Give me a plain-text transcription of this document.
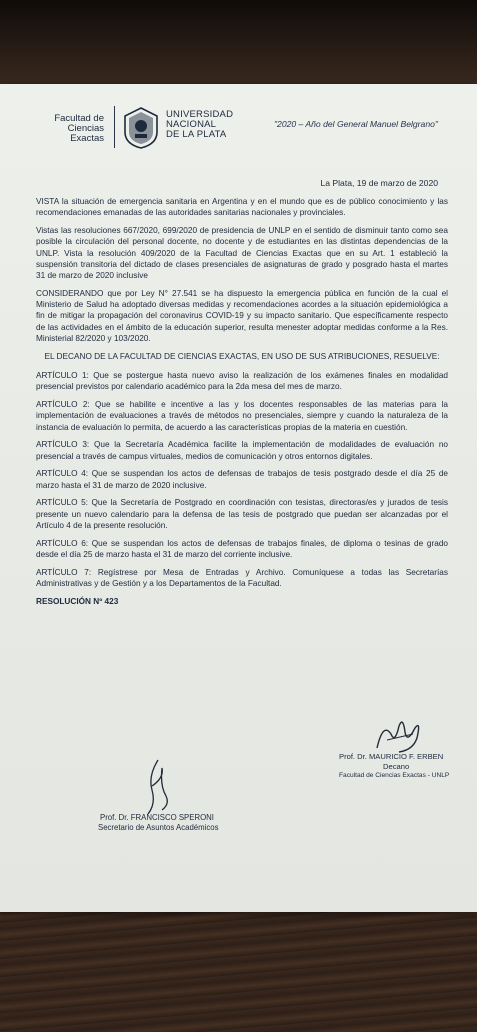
Facultad de
Ciencias Exactas
UNIVERSIDAD
NACIONAL
DE LA PLATA
"2020 – Año del General Manuel Belgrano"
La Plata, 19 de marzo de 2020

VISTA la situación de emergencia sanitaria en Argentina y en el mundo que es de público conocimiento y las recomendaciones emanadas de las autoridades sanitarias nacionales y provinciales.

Vistas las resoluciones 667/2020, 699/2020 de presidencia de UNLP en el sentido de disminuir tanto como sea posible la circulación del personal docente, no docente y de estudiantes en las distintas dependencias de la UNLP. Vista la resolución 409/2020 de la Facultad de Ciencias Exactas que en su Art. 1 estableció la suspensión transitoria del dictado de clases presenciales de asignaturas de grado y posgrado hasta el martes 31 de marzo de 2020 inclusive

CONSIDERANDO que por Ley N° 27.541 se ha dispuesto la emergencia pública en función de la cual el Ministerio de Salud ha adoptado diversas medidas y recomendaciones acordes a la situación epidemiológica a fin de mitigar la propagación del coronavirus COVID-19 y su impacto sanitario. Que específicamente respecto de las actividades en el ámbito de la educación superior, resulta menester adoptar medidas conforme a la Res. Ministerial 82/2020 y 103/2020.

EL DECANO DE LA FACULTAD DE CIENCIAS EXACTAS, EN USO DE SUS ATRIBUCIONES, RESUELVE:

ARTÍCULO 1: Que se postergue hasta nuevo aviso la realización de los exámenes finales en modalidad presencial previstos por calendario académico para la 2da mesa del mes de marzo.

ARTÍCULO 2: Que se habilite e incentive a las y los docentes responsables de las materias para la implementación de evaluaciones a través de métodos no presenciales, siempre y cuando la naturaleza de la instancia de evaluación lo permita, de acuerdo a las características propias de la materia en cuestión.

ARTÍCULO 3: Que la Secretaría Académica facilite la implementación de modalidades de evaluación no presencial a través de campus virtuales, medios de comunicación y otros entornos digitales.

ARTÍCULO 4: Que se suspendan los actos de defensas de trabajos de tesis postgrado desde el día 25 de marzo hasta el 31 de marzo de 2020 inclusive.

ARTÍCULO 5: Que la Secretaría de Postgrado en coordinación con tesistas, directoras/es y jurados de tesis presente un nuevo calendario para la defensa de las tesis de postgrado que puedan ser alcanzadas por el Artículo 4 de la presente resolución.

ARTÍCULO 6: Que se suspendan los actos de defensas de trabajos finales, de diploma o tesinas de grado desde el día 25 de marzo hasta el 31 de marzo del corriente inclusive.

ARTÍCULO 7: Regístrese por Mesa de Entradas y Archivo. Comuníquese a todas las Secretarías Administrativas y de Gestión y a los Departamentos de la Facultad.

RESOLUCIÓN Nº 423
Prof. Dr. MAURICIO F. ERBEN
Decano
Facultad de Ciencias Exactas - UNLP
Prof. Dr. FRANCISCO SPERONI
Secretario de Asuntos Académicos
